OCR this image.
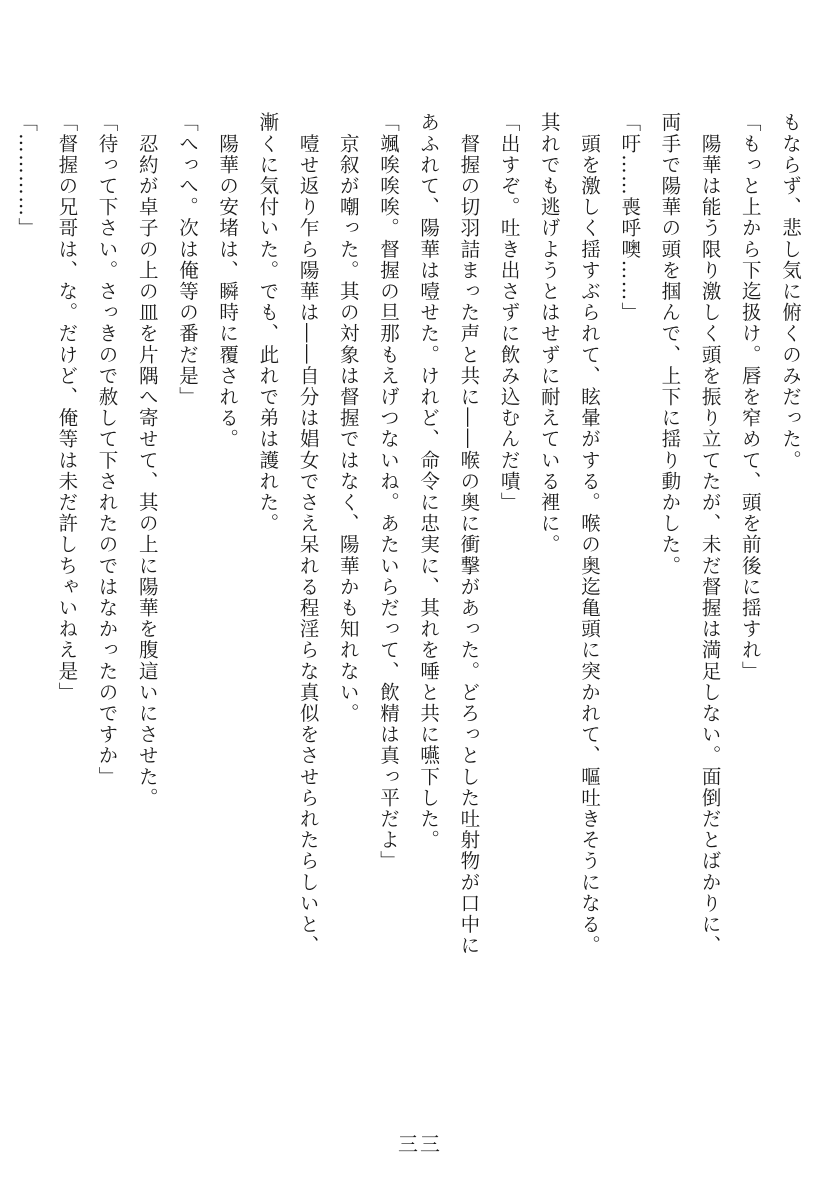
もならず、悲し気に俯くのみだった。
「もっと上から下迄扱け。唇を窄めて、頭を前後に揺すれ」
　陽華は能う限り激しく頭を振り立てたが、未だ督握は満足しない。面倒だとばかりに、
両手で陽華の頭を掴んで、上下に揺り動かした。
「吁……喪呼噢……」
　頭を激しく揺すぶられて、眩暈がする。喉の奥迄亀頭に突かれて、嘔吐きそうになる。
其れでも逃げようとはせずに耐えている裡に。
「出すぞ。吐き出さずに飲み込むんだ嘖」
　督握の切羽詰まった声と共に――喉の奥に衝撃があった。どろっとした吐射物が口中に
あふれて、陽華は噎せた。けれど、命令に忠実に、其れを唾と共に嚥下した。
「颯唉唉唉。督握の旦那もえげつないね。あたいらだって、飲精は真っ平だよ」
　京叙が嘲った。其の対象は督握ではなく、陽華かも知れない。
　噎せ返り乍ら陽華は――自分は娼女でさえ呆れる程淫らな真似をさせられたらしいと、
漸くに気付いた。でも、此れで弟は護れた。
　陽華の安堵は、瞬時に覆される。
「へっへ。次は俺等の番だ是」
　忍約が卓子の上の皿を片隅へ寄せて、其の上に陽華を腹這いにさせた。
「待って下さい。さっきので赦して下されたのではなかったのですか」
「督握の兄哥は、な。だけど、俺等は未だ許しちゃいねえ是」
「…………」
三三
